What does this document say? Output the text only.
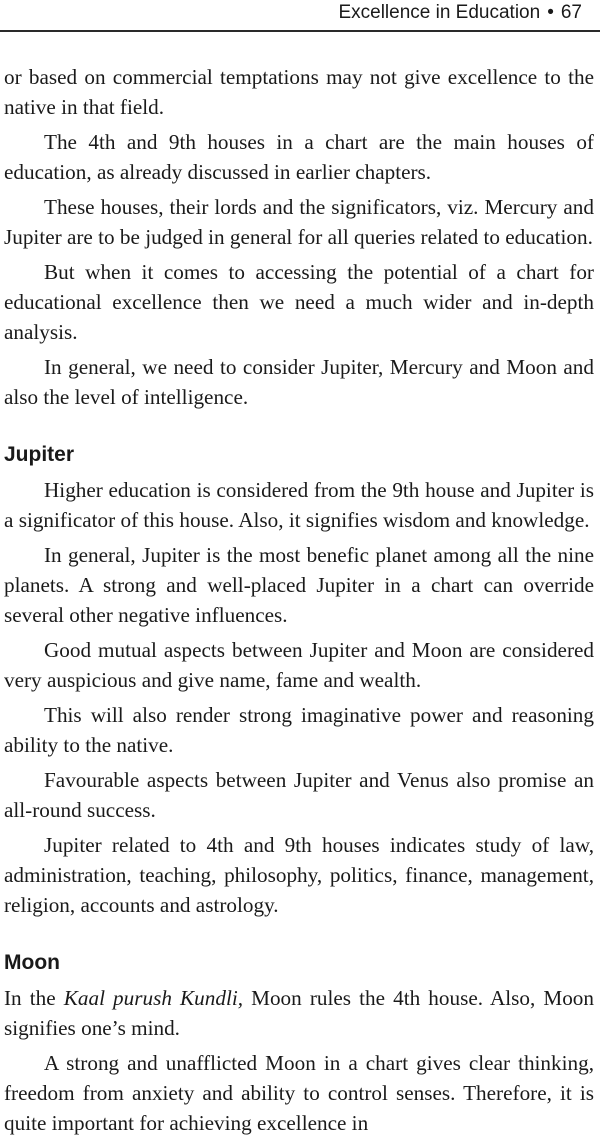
Excellence in Education • 67

or based on commercial temptations may not give excellence to the native in that field.

The 4th and 9th houses in a chart are the main houses of education, as already discussed in earlier chapters.

These houses, their lords and the significators, viz. Mercury and Jupiter are to be judged in general for all queries related to education.

But when it comes to accessing the potential of a chart for educational excellence then we need a much wider and in-depth analysis.

In general, we need to consider Jupiter, Mercury and Moon and also the level of intelligence.

Jupiter

Higher education is considered from the 9th house and Jupiter is a significator of this house. Also, it signifies wisdom and knowledge.

In general, Jupiter is the most benefic planet among all the nine planets. A strong and well-placed Jupiter in a chart can override several other negative influences.

Good mutual aspects between Jupiter and Moon are considered very auspicious and give name, fame and wealth.

This will also render strong imaginative power and reasoning ability to the native.

Favourable aspects between Jupiter and Venus also promise an all-round success.

Jupiter related to 4th and 9th houses indicates study of law, administration, teaching, philosophy, politics, finance, management, religion, accounts and astrology.

Moon

In the Kaal purush Kundli, Moon rules the 4th house. Also, Moon signifies one’s mind.

A strong and unafflicted Moon in a chart gives clear thinking, freedom from anxiety and ability to control senses. Therefore, it is quite important for achieving excellence in
